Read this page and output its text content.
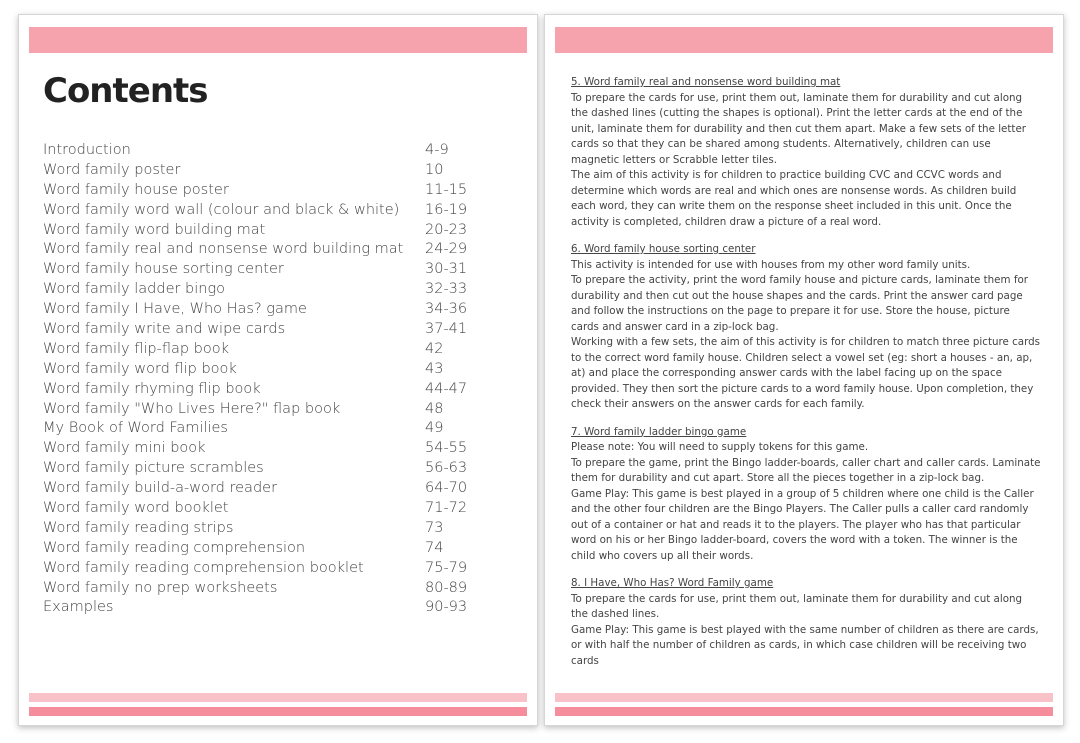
Contents
Introduction	4-9
Word family poster	10
Word family house poster	11-15
Word family word wall (colour and black & white) 16-19
Word family word building mat	20-23
Word family real and nonsense word building mat 24-29
Word family house sorting center	30-31
Word family ladder bingo	32-33
Word family I Have, Who Has? game	34-36
Word family write and wipe cards	37-41
Word family flip-flap book	42
Word family word flip book	43
Word family rhyming flip book	44-47
Word family "Who Lives Here?" flap book	48
My Book of Word Families	49
Word family mini book	54-55
Word family picture scrambles	56-63
Word family build-a-word reader	64-70
Word family word booklet	71-72
Word family reading strips	73
Word family reading comprehension	74
Word family reading comprehension booklet	75-79
Word family no prep worksheets	80-89
Examples	90-93
5. Word family real and nonsense word building mat
To prepare the cards for use, print them out, laminate them for durability and cut along the dashed lines (cutting the shapes is optional). Print the letter cards at the end of the unit, laminate them for durability and then cut them apart. Make a few sets of the letter cards so that they can be shared among students. Alternatively, children can use magnetic letters or Scrabble letter tiles.
The aim of this activity is for children to practice building CVC and CCVC words and determine which words are real and which ones are nonsense words. As children build each word, they can write them on the response sheet included in this unit. Once the activity is completed, children draw a picture of a real word.
6. Word family house sorting center
This activity is intended for use with houses from my other word family units.
To prepare the activity, print the word family house and picture cards, laminate them for durability and then cut out the house shapes and the cards. Print the answer card page and follow the instructions on the page to prepare it for use. Store the house, picture cards and answer card in a zip-lock bag.
Working with a few sets, the aim of this activity is for children to match three picture cards to the correct word family house. Children select a vowel set (eg: short a houses - an, ap, at) and place the corresponding answer cards with the label facing up on the space provided. They then sort the picture cards to a word family house. Upon completion, they check their answers on the answer cards for each family.
7. Word family ladder bingo game
Please note: You will need to supply tokens for this game.
To prepare the game, print the Bingo ladder-boards, caller chart and caller cards. Laminate them for durability and cut apart. Store all the pieces together in a zip-lock bag.
Game Play: This game is best played in a group of 5 children where one child is the Caller and the other four children are the Bingo Players. The Caller pulls a caller card randomly out of a container or hat and reads it to the players. The player who has that particular word on his or her Bingo ladder-board, covers the word with a token. The winner is the child who covers up all their words.
8. I Have, Who Has? Word Family game
To prepare the cards for use, print them out, laminate them for durability and cut along the dashed lines.
Game Play: This game is best played with the same number of children as there are cards, or with half the number of children as cards, in which case children will be receiving two cards
